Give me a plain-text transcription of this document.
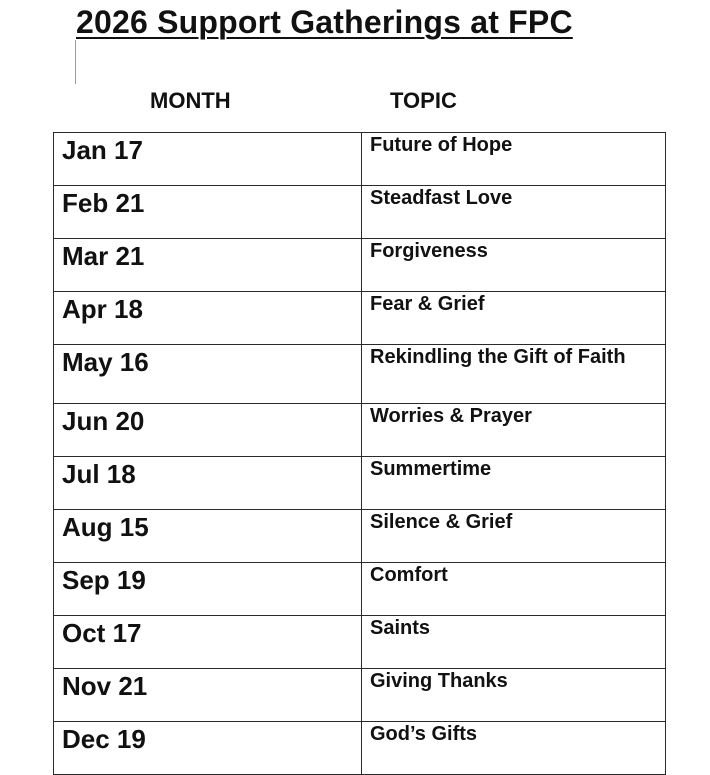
2026 Support Gatherings at FPC
MONTH	TOPIC
Jan 17	Future of Hope
Feb 21	Steadfast Love
Mar 21	Forgiveness
Apr 18	Fear & Grief
May 16	Rekindling the Gift of Faith
Jun 20	Worries & Prayer
Jul 18	Summertime
Aug 15	Silence & Grief
Sep 19	Comfort
Oct 17	Saints
Nov 21	Giving Thanks
Dec 19	God’s Gifts
